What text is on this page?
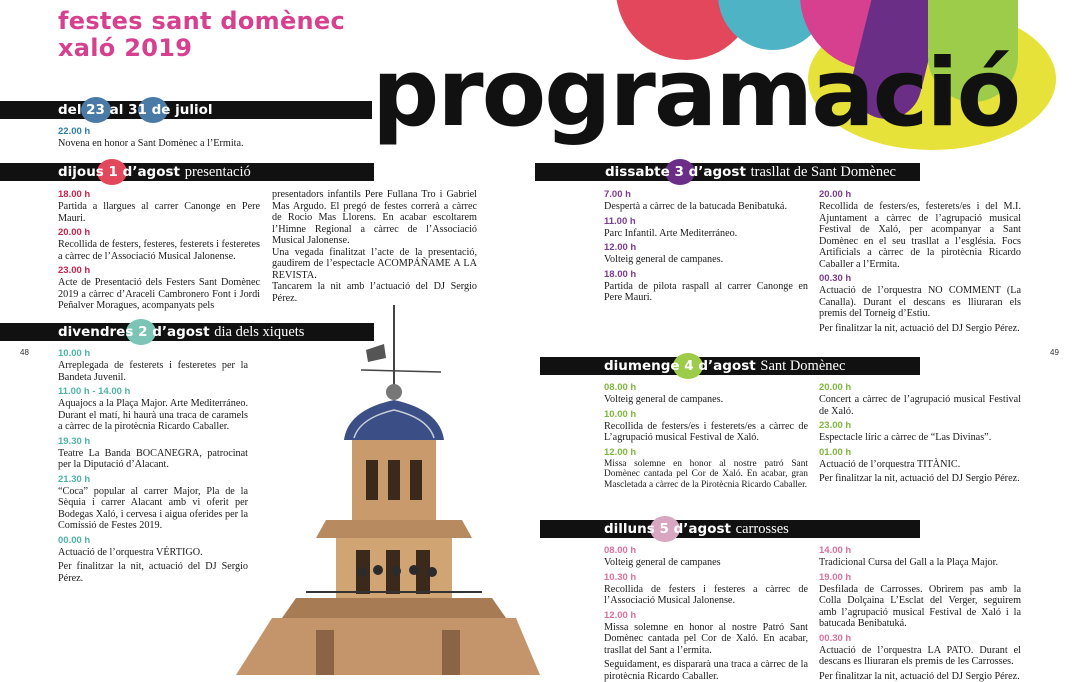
festes sant domènec
xaló 2019	programació
48	49
del 23 al 31 de juliol
22.00 h
Novena en honor a Sant Domènec a l’Ermita.
dijous 1 d’agost presentació
18.00 h
Partida a llargues al carrer Canonge en Pere Mauri.
20.00 h
Recollida de festers, festeres, festerets i festeretes a càrrec de l’Associació Musical Jalonense.
23.00 h
Acte de Presentació dels Festers Sant Domènec 2019 a càrrec d’Araceli Cambronero Font i Jordi Peñalver Moragues, acompanyats pels
presentadors infantils Pere Fullana Tro i Gabriel Mas Argudo. El pregó de festes correrà a càrrec de Rocio Mas Llorens. En acabar escoltarem l’Himne Regional a càrrec de l’Associació Musical Jalonense.
Una vegada finalitzat l’acte de la presentació, gaudirem de l’espectacle ACOMPÁÑAME A LA REVISTA.
Tancarem la nit amb l’actuació del DJ Sergio Pérez.
divendres 2 d’agost dia dels xiquets
10.00 h
Arreplegada de festerets i festeretes per la Bandeta Juvenil.
11.00 h - 14.00 h
Aquajocs a la Plaça Major. Arte Mediterráneo. Durant el matí, hi haurà una traca de caramels a càrrec de la pirotècnia Ricardo Caballer.
19.30 h
Teatre La Banda BOCANEGRA, patrocinat per la Diputació d’Alacant.
21.30 h
“Coca” popular al carrer Major, Pla de la Sèquia i carrer Alacant amb vi oferit per Bodegas Xaló, i cervesa i aigua oferides per la Comissió de Festes 2019.
00.00 h
Actuació de l’orquestra VÉRTIGO.
Per finalitzar la nit, actuació del DJ Sergio Pérez.
dissabte 3 d’agost trasllat de Sant Domènec
7.00 h
Despertà a càrrec de la batucada Benibatuká.
11.00 h
Parc Infantil. Arte Mediterráneo.
12.00 h
Volteig general de campanes.
18.00 h
Partida de pilota raspall al carrer Canonge en Pere Mauri.
20.00 h
Recollida de festers/es, festerets/es i del M.I. Ajuntament a càrrec de l’agrupació musical Festival de Xaló, per acompanyar a Sant Domènec en el seu trasllat a l’església. Focs Artificials a càrrec de la pirotècnia Ricardo Caballer a l’Ermita.
00.30 h
Actuació de l’orquestra NO COMMENT (La Canalla). Durant el descans es lliuraran els premis del Torneig d’Estiu.
Per finalitzar la nit, actuació del DJ Sergio Pérez.
diumenge 4 d’agost Sant Domènec
08.00 h
Volteig general de campanes.
10.00 h
Recollida de festers/es i festerets/es a càrrec de L’agrupació musical Festival de Xaló.
12.00 h
Missa solemne en honor al nostre patró Sant Domènec cantada pel Cor de Xaló. En acabar, gran Mascletada a càrrec de la Pirotècnia Ricardo Caballer.
20.00 h
Concert a càrrec de l’agrupació musical Festival de Xaló.
23.00 h
Espectacle líric a càrrec de “Las Divinas”.
01.00 h
Actuació de l’orquestra TITÀNIC.
Per finalitzar la nit, actuació del DJ Sergio Pérez.
dilluns 5 d’agost carrosses
08.00 h
Volteig general de campanes
10.30 h
Recollida de festers i festeres a càrrec de l’Associació Musical Jalonense.
12.00 h
Missa solemne en honor al nostre Patró Sant Domènec cantada pel Cor de Xaló. En acabar, trasllat del Sant a l’ermita.
Seguidament, es dispararà una traca a càrrec de la pirotècnia Ricardo Caballer.
14.00 h
Tradicional Cursa del Gall a la Plaça Major.
19.00 h
Desfilada de Carrosses. Obrirem pas amb la Colla Dolçaina L’Esclat del Verger, seguirem amb l’agrupació musical Festival de Xaló i la batucada Benibatuká.
00.30 h
Actuació de l’orquestra LA PATO. Durant el descans es lliuraran els premis de les Carrosses.
Per finalitzar la nit, actuació del DJ Sergio Pérez.
